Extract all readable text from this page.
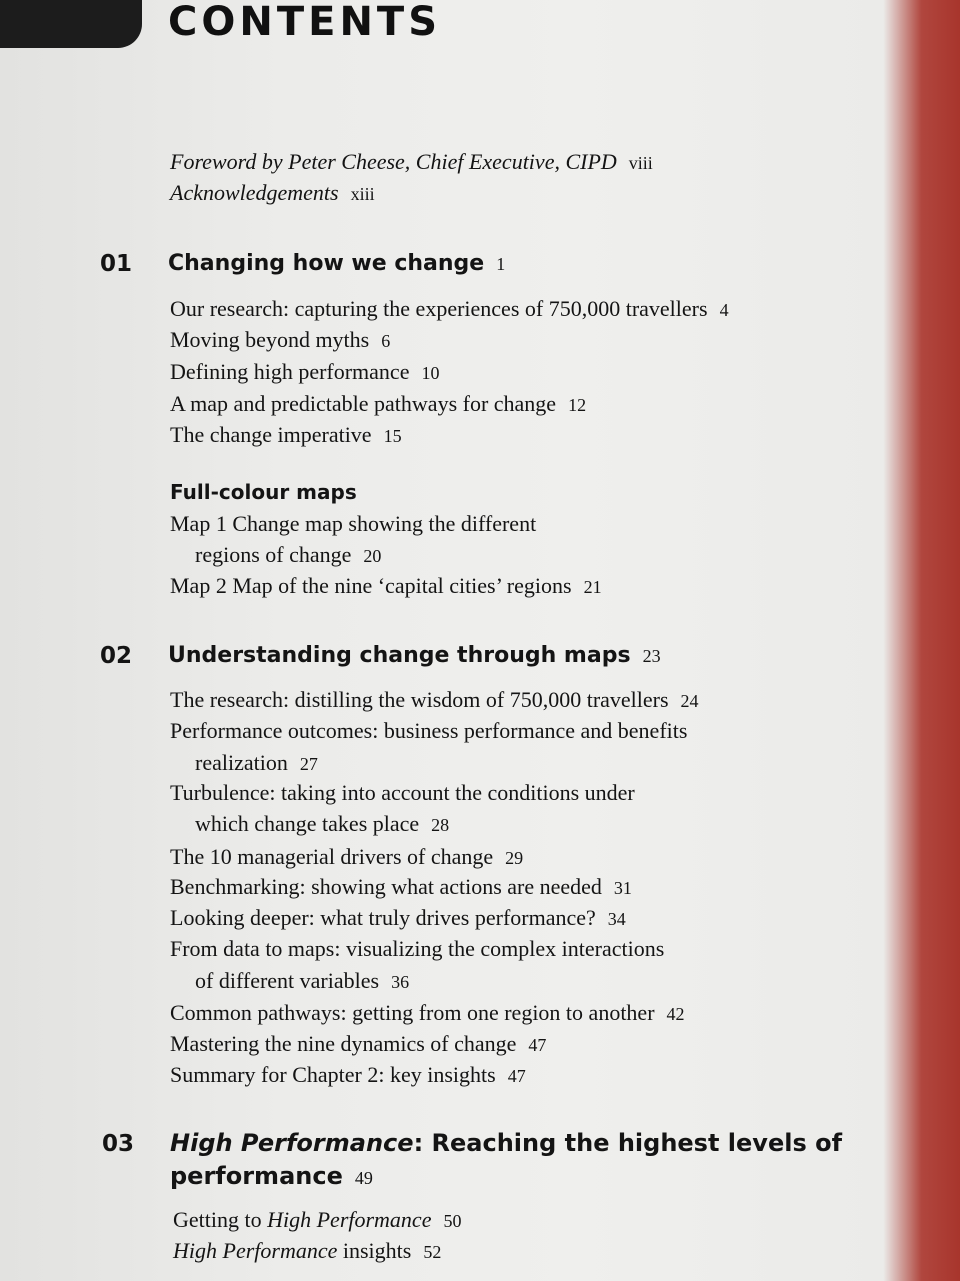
CONTENTS
Foreword by Peter Cheese, Chief Executive, CIPD viii
Acknowledgements xiii
01 Changing how we change 1
Our research: capturing the experiences of 750,000 travellers 4
Moving beyond myths 6
Defining high performance 10
A map and predictable pathways for change 12
The change imperative 15
Full-colour maps
Map 1 Change map showing the different
regions of change 20
Map 2 Map of the nine ‘capital cities’ regions 21
02 Understanding change through maps 23
The research: distilling the wisdom of 750,000 travellers 24
Performance outcomes: business performance and benefits
realization 27
Turbulence: taking into account the conditions under
which change takes place 28
The 10 managerial drivers of change 29
Benchmarking: showing what actions are needed 31
Looking deeper: what truly drives performance? 34
From data to maps: visualizing the complex interactions
of different variables 36
Common pathways: getting from one region to another 42
Mastering the nine dynamics of change 47
Summary for Chapter 2: key insights 47
03 High Performance: Reaching the highest levels of
performance 49
Getting to High Performance 50
High Performance insights 52
